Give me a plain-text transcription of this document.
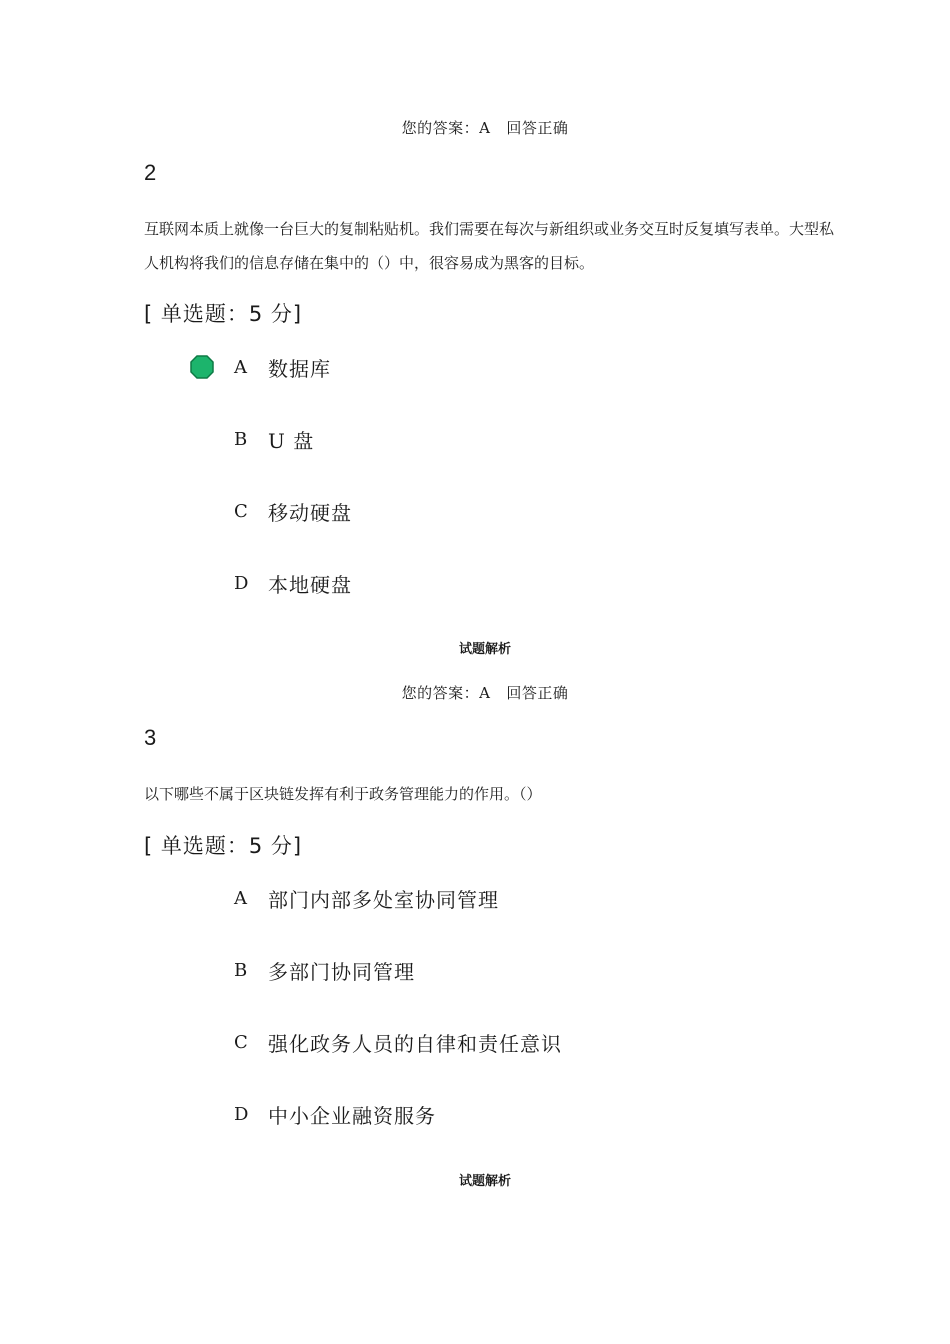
您的答案：A 回答正确
2
互联网本质上就像一台巨大的复制粘贴机。我们需要在每次与新组织或业务交互时反复填写表单。大型私人机构将我们的信息存储在集中的（）中，很容易成为黑客的目标。
[ 单选题：5 分]
A	数据库
B	U 盘
C	移动硬盘
D 本地硬盘
试题解析
您的答案：A 回答正确
3
以下哪些不属于区块链发挥有利于政务管理能力的作用。（）
[ 单选题：5 分]
A	部门内部多处室协同管理
B	多部门协同管理
C	强化政务人员的自律和责任意识
D 中小企业融资服务
试题解析
